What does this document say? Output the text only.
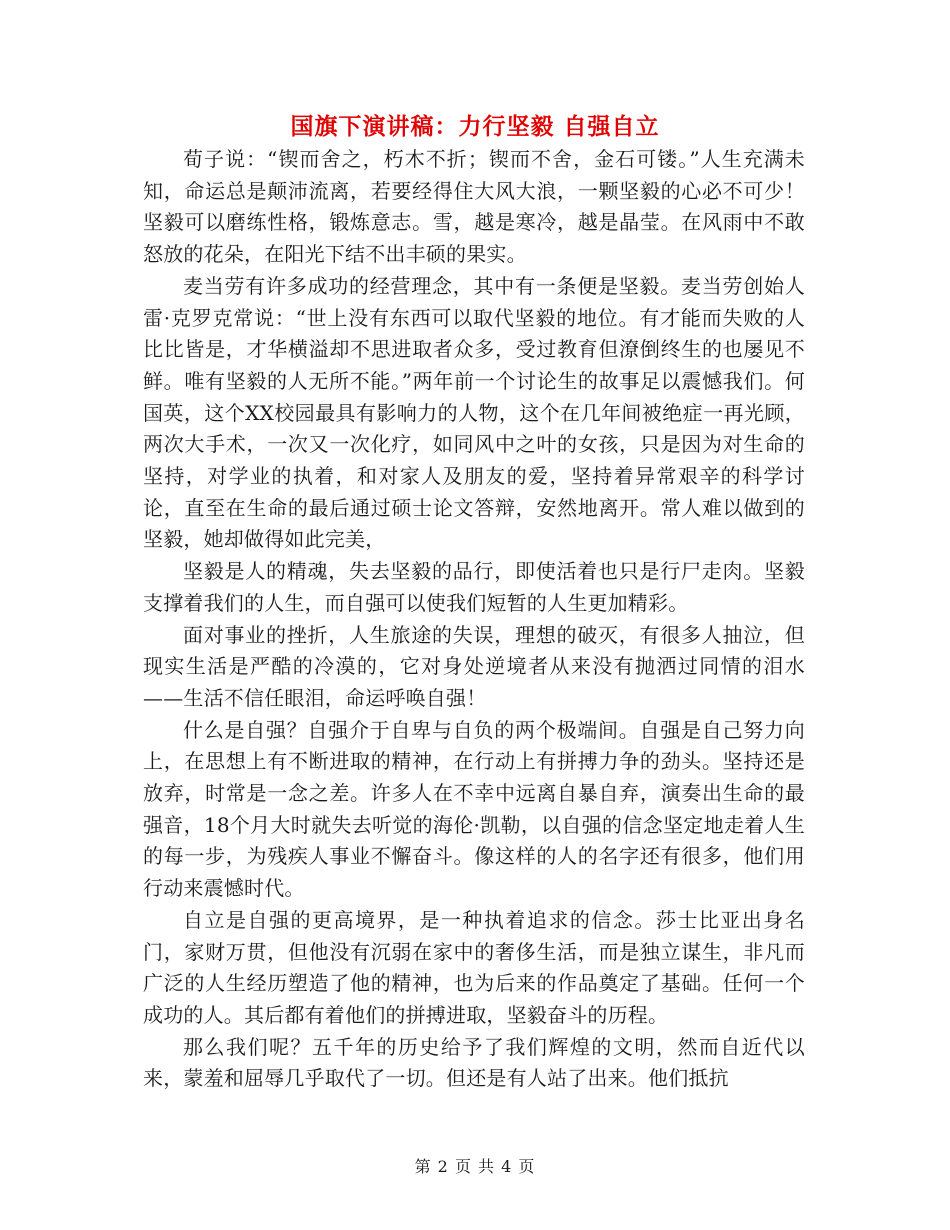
国旗下演讲稿：力行坚毅 自强自立

荀子说：“锲而舍之，朽木不折；锲而不舍，金石可镂。”人生充满未知，命运总是颠沛流离，若要经得住大风大浪，一颗坚毅的心必不可少！坚毅可以磨练性格，锻炼意志。雪，越是寒冷，越是晶莹。在风雨中不敢怒放的花朵，在阳光下结不出丰硕的果实。

麦当劳有许多成功的经营理念，其中有一条便是坚毅。麦当劳创始人雷·克罗克常说：“世上没有东西可以取代坚毅的地位。有才能而失败的人比比皆是，才华横溢却不思进取者众多，受过教育但潦倒终生的也屡见不鲜。唯有坚毅的人无所不能。”两年前一个讨论生的故事足以震憾我们。何国英，这个XX校园最具有影响力的人物，这个在几年间被绝症一再光顾，两次大手术，一次又一次化疗，如同风中之叶的女孩，只是因为对生命的坚持，对学业的执着，和对家人及朋友的爱，坚持着异常艰辛的科学讨论，直至在生命的最后通过硕士论文答辩，安然地离开。常人难以做到的坚毅，她却做得如此完美，

坚毅是人的精魂，失去坚毅的品行，即使活着也只是行尸走肉。坚毅支撑着我们的人生，而自强可以使我们短暂的人生更加精彩。

面对事业的挫折，人生旅途的失误，理想的破灭，有很多人抽泣，但现实生活是严酷的冷漠的，它对身处逆境者从来没有抛洒过同情的泪水——生活不信任眼泪，命运呼唤自强！

什么是自强？自强介于自卑与自负的两个极端间。自强是自己努力向上，在思想上有不断进取的精神，在行动上有拼搏力争的劲头。坚持还是放弃，时常是一念之差。许多人在不幸中远离自暴自弃，演奏出生命的最强音，18个月大时就失去听觉的海伦·凯勒，以自强的信念坚定地走着人生的每一步，为残疾人事业不懈奋斗。像这样的人的名字还有很多，他们用行动来震憾时代。

自立是自强的更高境界，是一种执着追求的信念。莎士比亚出身名门，家财万贯，但他没有沉弱在家中的奢侈生活，而是独立谋生，非凡而广泛的人生经历塑造了他的精神，也为后来的作品奠定了基础。任何一个成功的人。其后都有着他们的拼搏进取，坚毅奋斗的历程。

那么我们呢？五千年的历史给予了我们辉煌的文明，然而自近代以来，蒙羞和屈辱几乎取代了一切。但还是有人站了出来。他们抵抗

第 2 页 共 4 页
